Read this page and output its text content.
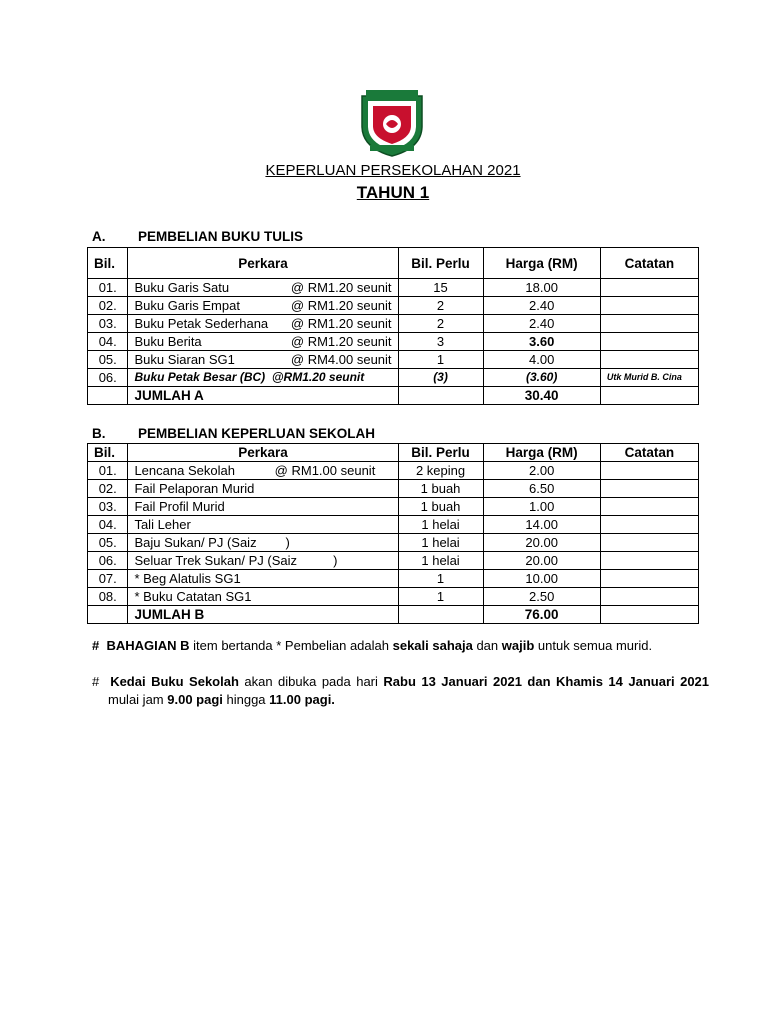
KEPERLUAN PERSEKOLAHAN 2021
TAHUN 1
A. PEMBELIAN BUKU TULIS
Bil.	Perkara	Bil. Perlu	Harga (RM)	Catatan
01.	Buku Garis Satu @ RM1.20 seunit	15	18.00	
02.	Buku Garis Empat @ RM1.20 seunit	2	2.40	
03.	Buku Petak Sederhana @ RM1.20 seunit	2	2.40	
04.	Buku Berita @ RM1.20 seunit	3	3.60	
05.	Buku Siaran SG1 @ RM4.00 seunit	1	4.00	
06.	Buku Petak Besar (BC) @RM1.20 seunit	(3)	(3.60)	Utk Murid B. Cina
	JUMLAH A		30.40	
B. PEMBELIAN KEPERLUAN SEKOLAH
Bil.	Perkara	Bil. Perlu	Harga (RM)	Catatan
01.	Lencana Sekolah @ RM1.00 seunit	2 keping	2.00	
02.	Fail Pelaporan Murid	1 buah	6.50	
03.	Fail Profil Murid	1 buah	1.00	
04.	Tali Leher	1 helai	14.00	
05.	Baju Sukan/ PJ (Saiz        )	1 helai	20.00	
06.	Seluar Trek Sukan/ PJ (Saiz          )	1 helai	20.00	
07.	* Beg Alatulis SG1	1	10.00	
08.	* Buku Catatan SG1	1	2.50	
	JUMLAH B		76.00	
# BAHAGIAN B item bertanda * Pembelian adalah sekali sahaja dan wajib untuk semua murid.
# Kedai Buku Sekolah akan dibuka pada hari Rabu 13 Januari 2021 dan Khamis 14 Januari 2021 mulai jam 9.00 pagi hingga 11.00 pagi.
